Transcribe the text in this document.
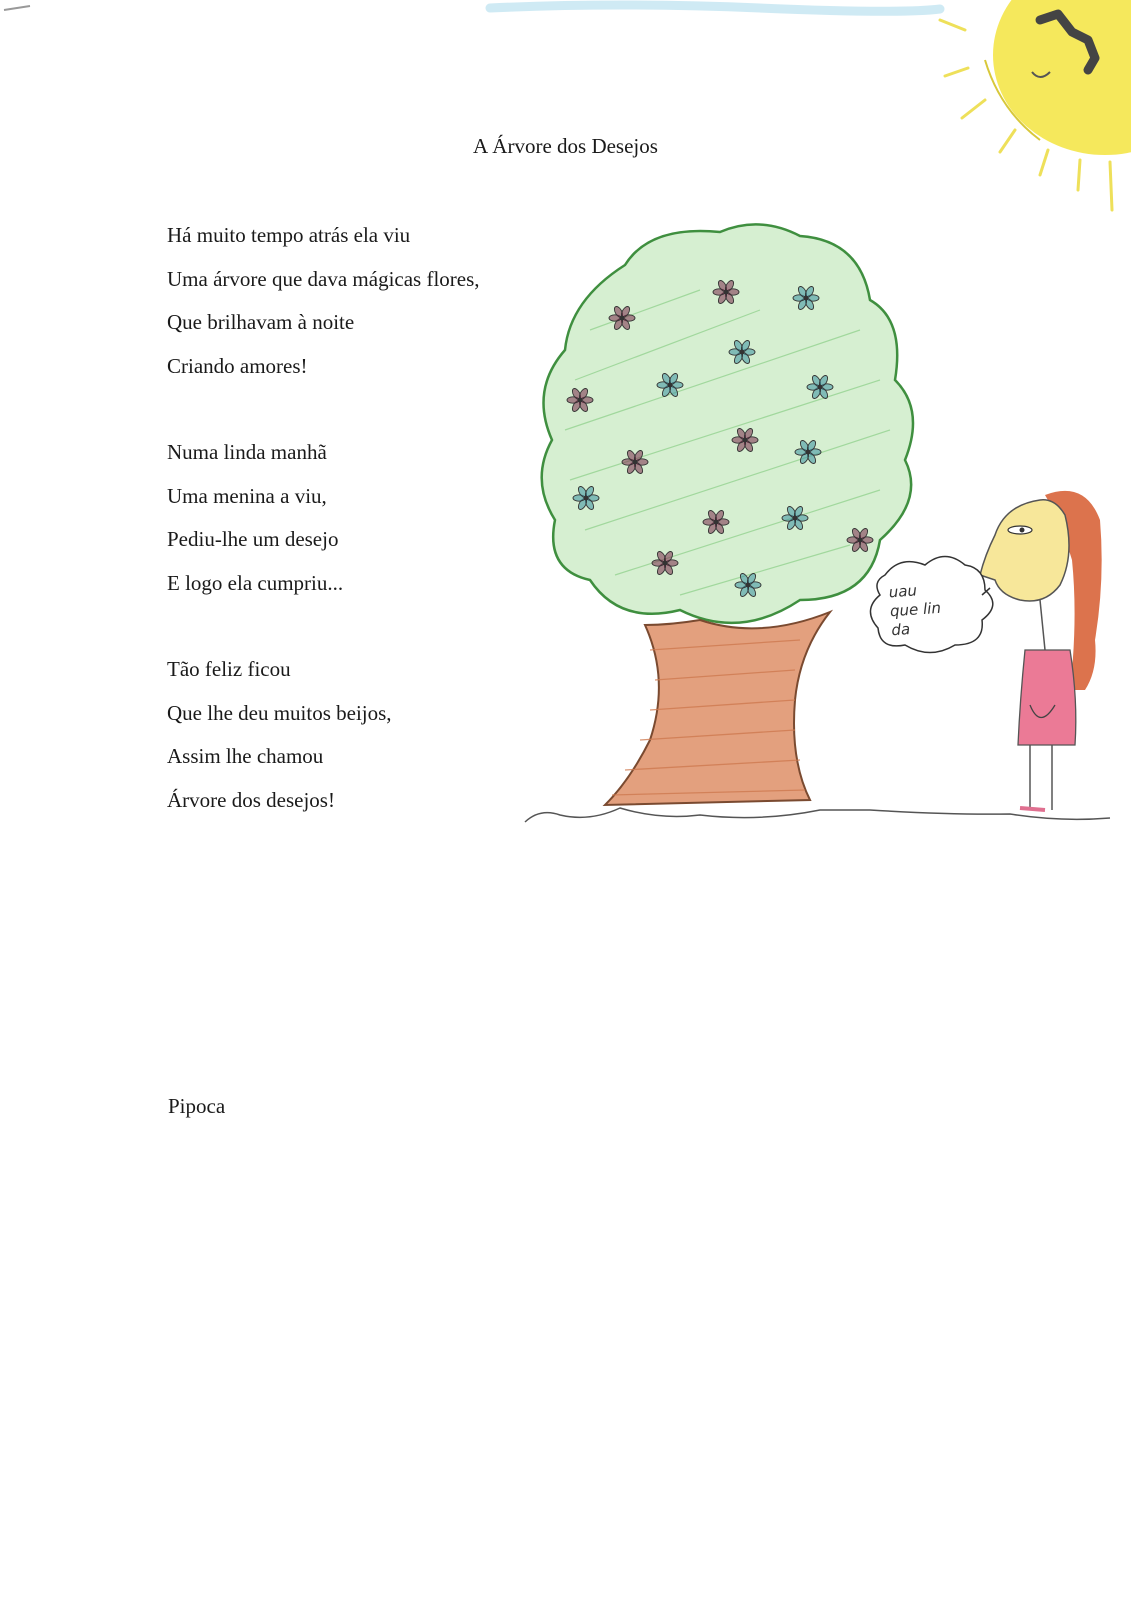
A Árvore dos Desejos
Há muito tempo atrás ela viu
Uma árvore que dava mágicas flores,
Que brilhavam à noite
Criando amores!
Numa linda manhã
Uma menina a viu,
Pediu-lhe um desejo
E logo ela cumpriu...
Tão feliz ficou
Que lhe deu muitos beijos,
Assim lhe chamou
Árvore dos desejos!
Pipoca
uau
que lin
da
